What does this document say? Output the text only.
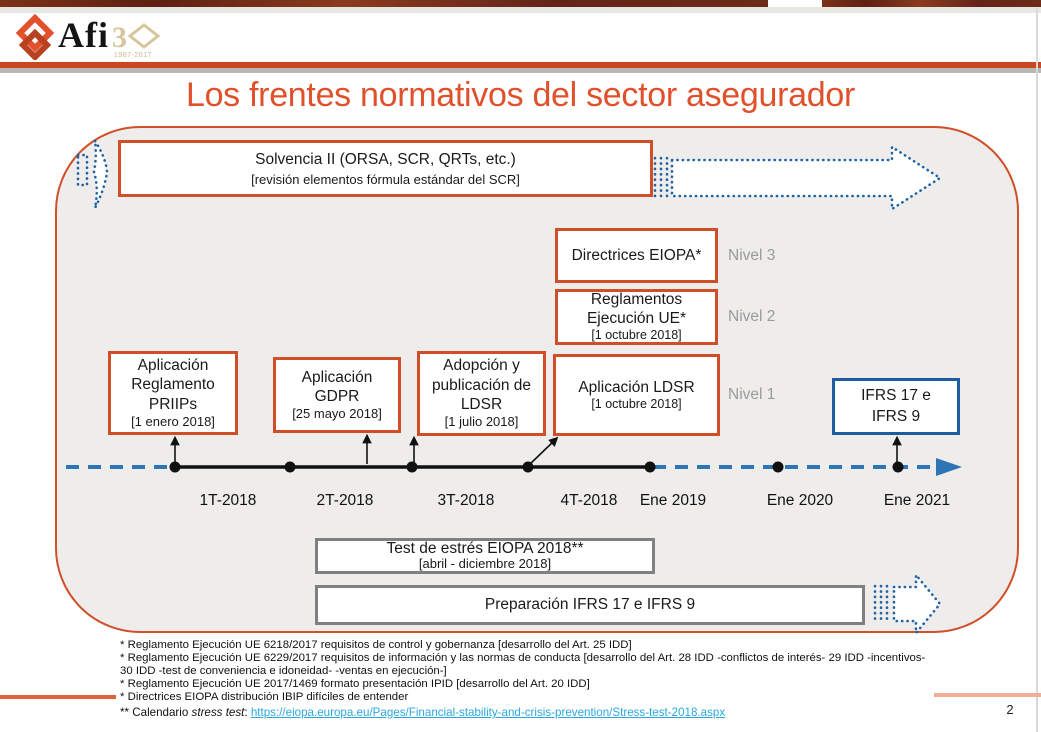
Afi 3
1987-2017
Los frentes normativos del sector asegurador
Solvencia II (ORSA, SCR, QRTs, etc.)
[revisión elementos fórmula estándar del SCR]
Directrices EIOPA* Nivel 3
Reglamentos
Ejecución UE*
[1 octubre 2018]
Nivel 2
Aplicación
Reglamento
PRIIPs
[1 enero 2018]
Aplicación
GDPR
[25 mayo 2018]
Adopción y
publicación de
LDSR
[1 julio 2018]
Aplicación LDSR
[1 octubre 2018]
Nivel 1	IFRS 17 e
IFRS 9
1T-2018	2T-2018	3T-2018	4T-2018	Ene 2019	Ene 2020	Ene 2021
Test de estrés EIOPA 2018**
[abril - diciembre 2018]
Preparación IFRS 17 e IFRS 9
* Reglamento Ejecución UE 6218/2017 requisitos de control y gobernanza [desarrollo del Art. 25 IDD]
* Reglamento Ejecución UE 6229/2017 requisitos de información y las normas de conducta [desarrollo del Art. 28 IDD -conflictos de interés- 29 IDD -incentivos-
30 IDD -test de conveniencia e idoneidad- -ventas en ejecución-]
* Reglamento Ejecución UE 2017/1469 formato presentación IPID [desarrollo del Art. 20 IDD]
* Directrices EIOPA distribución IBIP difíciles de entender
** Calendario stress test: https://eiopa.europa.eu/Pages/Financial-stability-and-crisis-prevention/Stress-test-2018.aspx	2
